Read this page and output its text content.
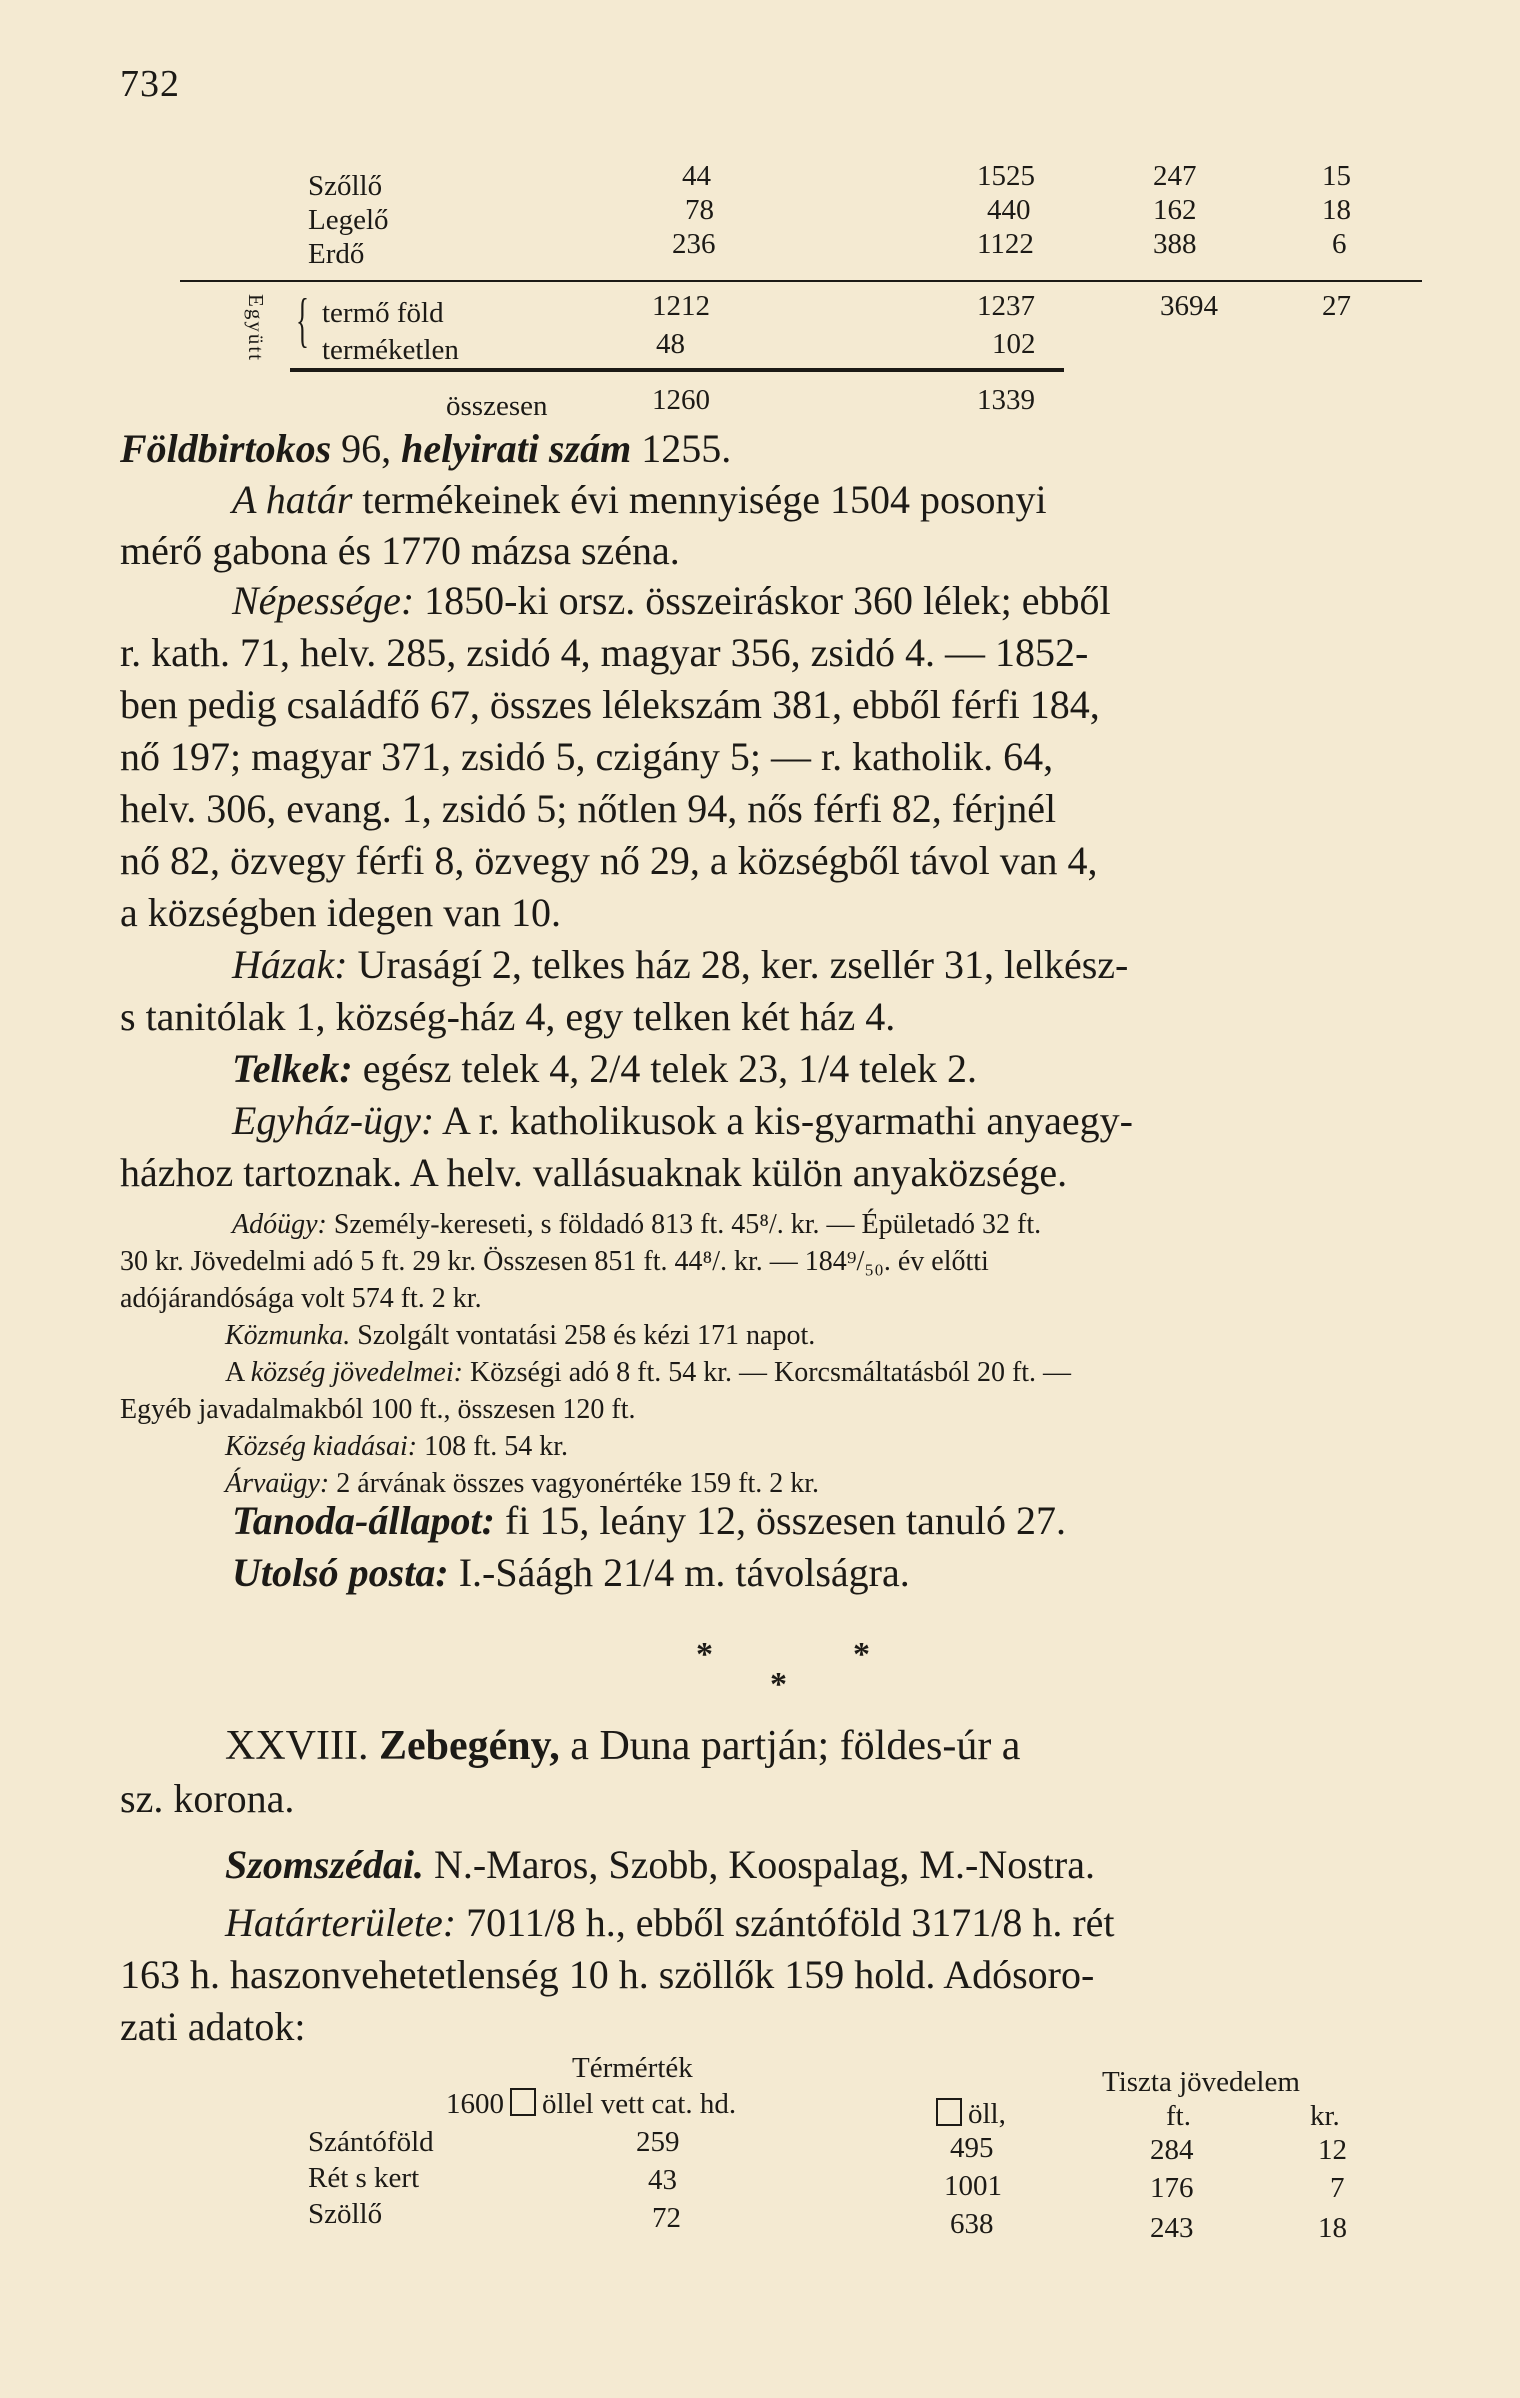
732
Szőllő	44	1525	247	15
Legelő	78	440	162	18
Erdő	236	1122	388	6
Együtt { termő föld	1212	1237	3694	27
terméketlen	48	102
összesen	1260	1339
Földbirtokos 96, helyirati szám 1255.
A határ termékeinek évi mennyisége 1504 posonyi
mérő gabona és 1770 mázsa széna.
Népessége: 1850-ki orsz. összeiráskor 360 lélek; ebből
r. kath. 71, helv. 285, zsidó 4, magyar 356, zsidó 4. — 1852-
ben pedig családfő 67, összes lélekszám 381, ebből férfi 184,
nő 197; magyar 371, zsidó 5, czigány 5; — r. katholik. 64,
helv. 306, evang. 1, zsidó 5; nőtlen 94, nős férfi 82, férjnél
nő 82, özvegy férfi 8, özvegy nő 29, a községből távol van 4,
a községben idegen van 10.
Házak: Uraságí 2, telkes ház 28, ker. zsellér 31, lelkész-
s tanitólak 1, község-ház 4, egy telken két ház 4.
Telkek: egész telek 4, 2/4 telek 23, 1/4 telek 2.
Egyház-ügy: A r. katholikusok a kis-gyarmathi anyaegy-
házhoz tartoznak. A helv. vallásuaknak külön anyaközsége.
Adóügy: Személy-kereseti, s földadó 813 ft. 45⁸/. kr. — Épületadó 32 ft.
30 kr. Jövedelmi adó 5 ft. 29 kr. Összesen 851 ft. 44⁸/. kr. — 184⁹/₅₀. év előtti
adójárandósága volt 574 ft. 2 kr.
Közmunka. Szolgált vontatási 258 és kézi 171 napot.
A község jövedelmei: Községi adó 8 ft. 54 kr. — Korcsmáltatásból 20 ft. —
Egyéb javadalmakból 100 ft., összesen 120 ft.
Község kiadásai: 108 ft. 54 kr.
Árvaügy: 2 árvának összes vagyonértéke 159 ft. 2 kr.
Tanoda-állapot: fi 15, leány 12, összesen tanuló 27.
Utolsó posta: I.-Sáágh 21/4 m. távolságra.
*	*
*
XXVIII. Zebegény, a Duna partján; földes-úr a
sz. korona.
Szomszédai. N.-Maros, Szobb, Koospalag, M.-Nostra.
Határterülete: 7011/8 h., ebből szántóföld 3171/8 h. rét
163 h. haszonvehetetlenség 10 h. szöllők 159 hold. Adósoro-
zati adatok:
Térmérték	Tiszta jövedelem
1600 öllel vett cat. hd.	öll,	ft.	kr.
Szántóföld	259	495	284	12
Rét s kert	43	1001	176	7
Szöllő	72	638	243	18
